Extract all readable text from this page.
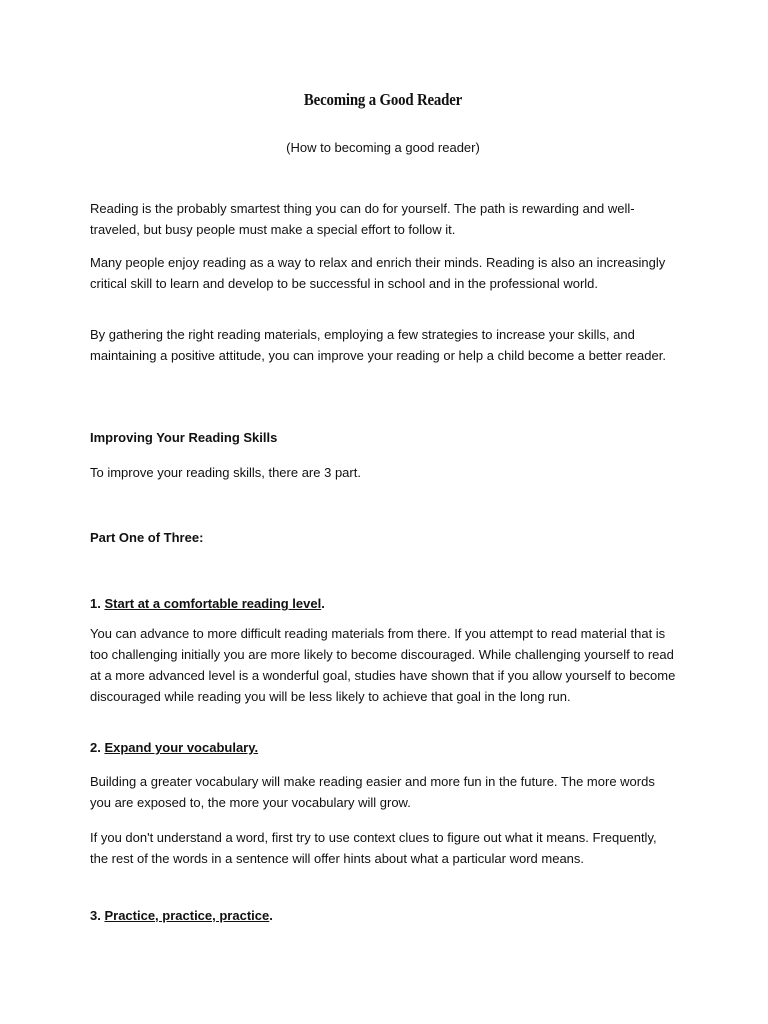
Becoming a Good Reader

(How to becoming a good reader)

Reading is the probably smartest thing you can do for yourself. The path is rewarding and well-traveled, but busy people must make a special effort to follow it.

Many people enjoy reading as a way to relax and enrich their minds. Reading is also an increasingly critical skill to learn and develop to be successful in school and in the professional world.

By gathering the right reading materials, employing a few strategies to increase your skills, and maintaining a positive attitude, you can improve your reading or help a child become a better reader.

Improving Your Reading Skills

To improve your reading skills, there are 3 part.

Part One of Three:

1. Start at a comfortable reading level.

You can advance to more difficult reading materials from there. If you attempt to read material that is too challenging initially you are more likely to become discouraged. While challenging yourself to read at a more advanced level is a wonderful goal, studies have shown that if you allow yourself to become discouraged while reading you will be less likely to achieve that goal in the long run.

2. Expand your vocabulary.

Building a greater vocabulary will make reading easier and more fun in the future. The more words you are exposed to, the more your vocabulary will grow.

If you don't understand a word, first try to use context clues to figure out what it means. Frequently, the rest of the words in a sentence will offer hints about what a particular word means.

3. Practice, practice, practice.
